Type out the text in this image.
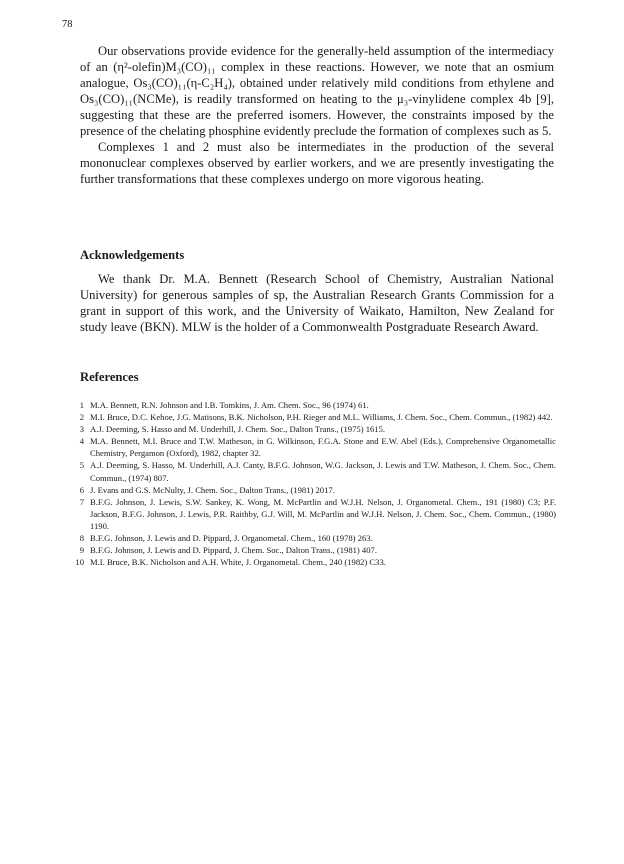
78

Our observations provide evidence for the generally-held assumption of the intermediacy of an (η²-olefin)M₃(CO)₁₁ complex in these reactions. However, we note that an osmium analogue, Os₃(CO)₁₁(η-C₂H₄), obtained under relatively mild conditions from ethylene and Os₃(CO)₁₁(NCMe), is readily transformed on heating to the μ₃-vinylidene complex 4b [9], suggesting that these are the preferred isomers. However, the constraints imposed by the presence of the chelating phosphine evidently preclude the formation of complexes such as 5.

Complexes 1 and 2 must also be intermediates in the production of the several mononuclear complexes observed by earlier workers, and we are presently investigating the further transformations that these complexes undergo on more vigorous heating.

Acknowledgements

We thank Dr. M.A. Bennett (Research School of Chemistry, Australian National University) for generous samples of sp, the Australian Research Grants Commission for a grant in support of this work, and the University of Waikato, Hamilton, New Zealand for study leave (BKN). MLW is the holder of a Commonwealth Postgraduate Research Award.

References
1 M.A. Bennett, R.N. Johnson and I.B. Tomkins, J. Am. Chem. Soc., 96 (1974) 61.
2 M.I. Bruce, D.C. Kehoe, J.G. Matisons, B.K. Nicholson, P.H. Rieger and M.L. Williams, J. Chem. Soc., Chem. Commun., (1982) 442.
3 A.J. Deeming, S. Hasso and M. Underhill, J. Chem. Soc., Dalton Trans., (1975) 1615.
4 M.A. Bennett, M.I. Bruce and T.W. Matheson, in G. Wilkinson, F.G.A. Stone and E.W. Abel (Eds.), Comprehensive Organometallic Chemistry, Pergamon (Oxford), 1982, chapter 32.
5 A.J. Deeming, S. Hasso, M. Underhill, A.J. Canty, B.F.G. Johnson, W.G. Jackson, J. Lewis and T.W. Matheson, J. Chem. Soc., Chem. Commun., (1974) 807.
6 J. Evans and G.S. McNulty, J. Chem. Soc., Dalton Trans., (1981) 2017.
7 B.F.G. Johnson, J. Lewis, S.W. Sankey, K. Wong, M. McPartlin and W.J.H. Nelson, J. Organometal. Chem., 191 (1980) C3; P.F. Jackson, B.F.G. Johnson, J. Lewis, P.R. Raithby, G.J. Will, M. McPartlin and W.J.H. Nelson, J. Chem. Soc., Chem. Commun., (1980) 1190.
8 B.F.G. Johnson, J. Lewis and D. Pippard, J. Organometal. Chem., 160 (1978) 263.
9 B.F.G. Johnson, J. Lewis and D. Pippard, J. Chem. Soc., Dalton Trans., (1981) 407.
10 M.I. Bruce, B.K. Nicholson and A.H. White, J. Organometal. Chem., 240 (1982) C33.
